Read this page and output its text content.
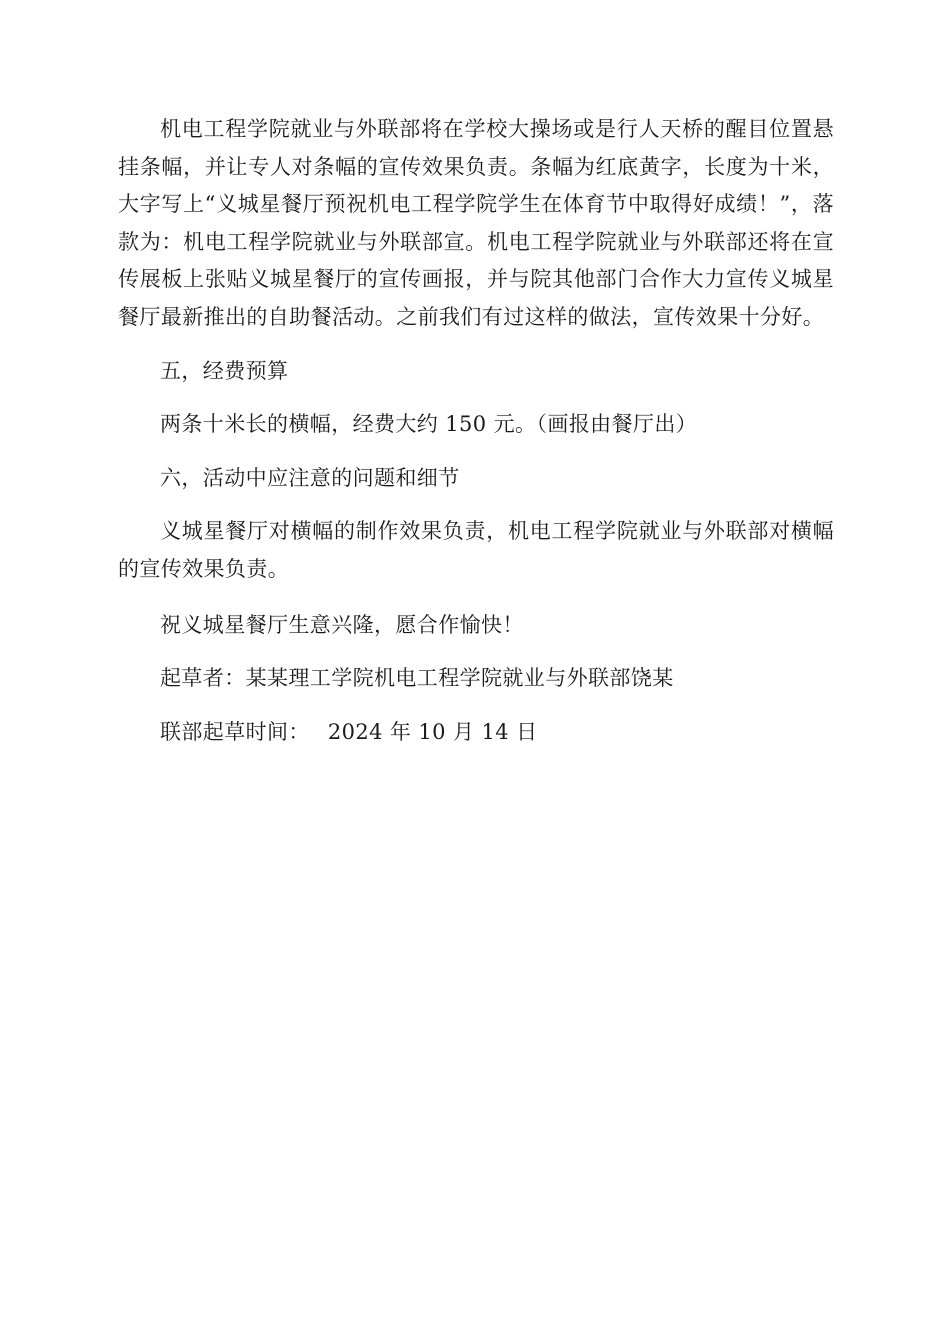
机电工程学院就业与外联部将在学校大操场或是行人天桥的醒目位置悬挂条幅，并让专人对条幅的宣传效果负责。条幅为红底黄字，长度为十米，大字写上“义城星餐厅预祝机电工程学院学生在体育节中取得好成绩！”，落款为：机电工程学院就业与外联部宣。机电工程学院就业与外联部还将在宣传展板上张贴义城星餐厅的宣传画报，并与院其他部门合作大力宣传义城星餐厅最新推出的自助餐活动。之前我们有过这样的做法，宣传效果十分好。

五，经费预算

两条十米长的横幅，经费大约 150 元。（画报由餐厅出）

六，活动中应注意的问题和细节

义城星餐厅对横幅的制作效果负责，机电工程学院就业与外联部对横幅的宣传效果负责。

祝义城星餐厅生意兴隆，愿合作愉快！

起草者：某某理工学院机电工程学院就业与外联部饶某

联部起草时间： 2024 年 10 月 14 日
